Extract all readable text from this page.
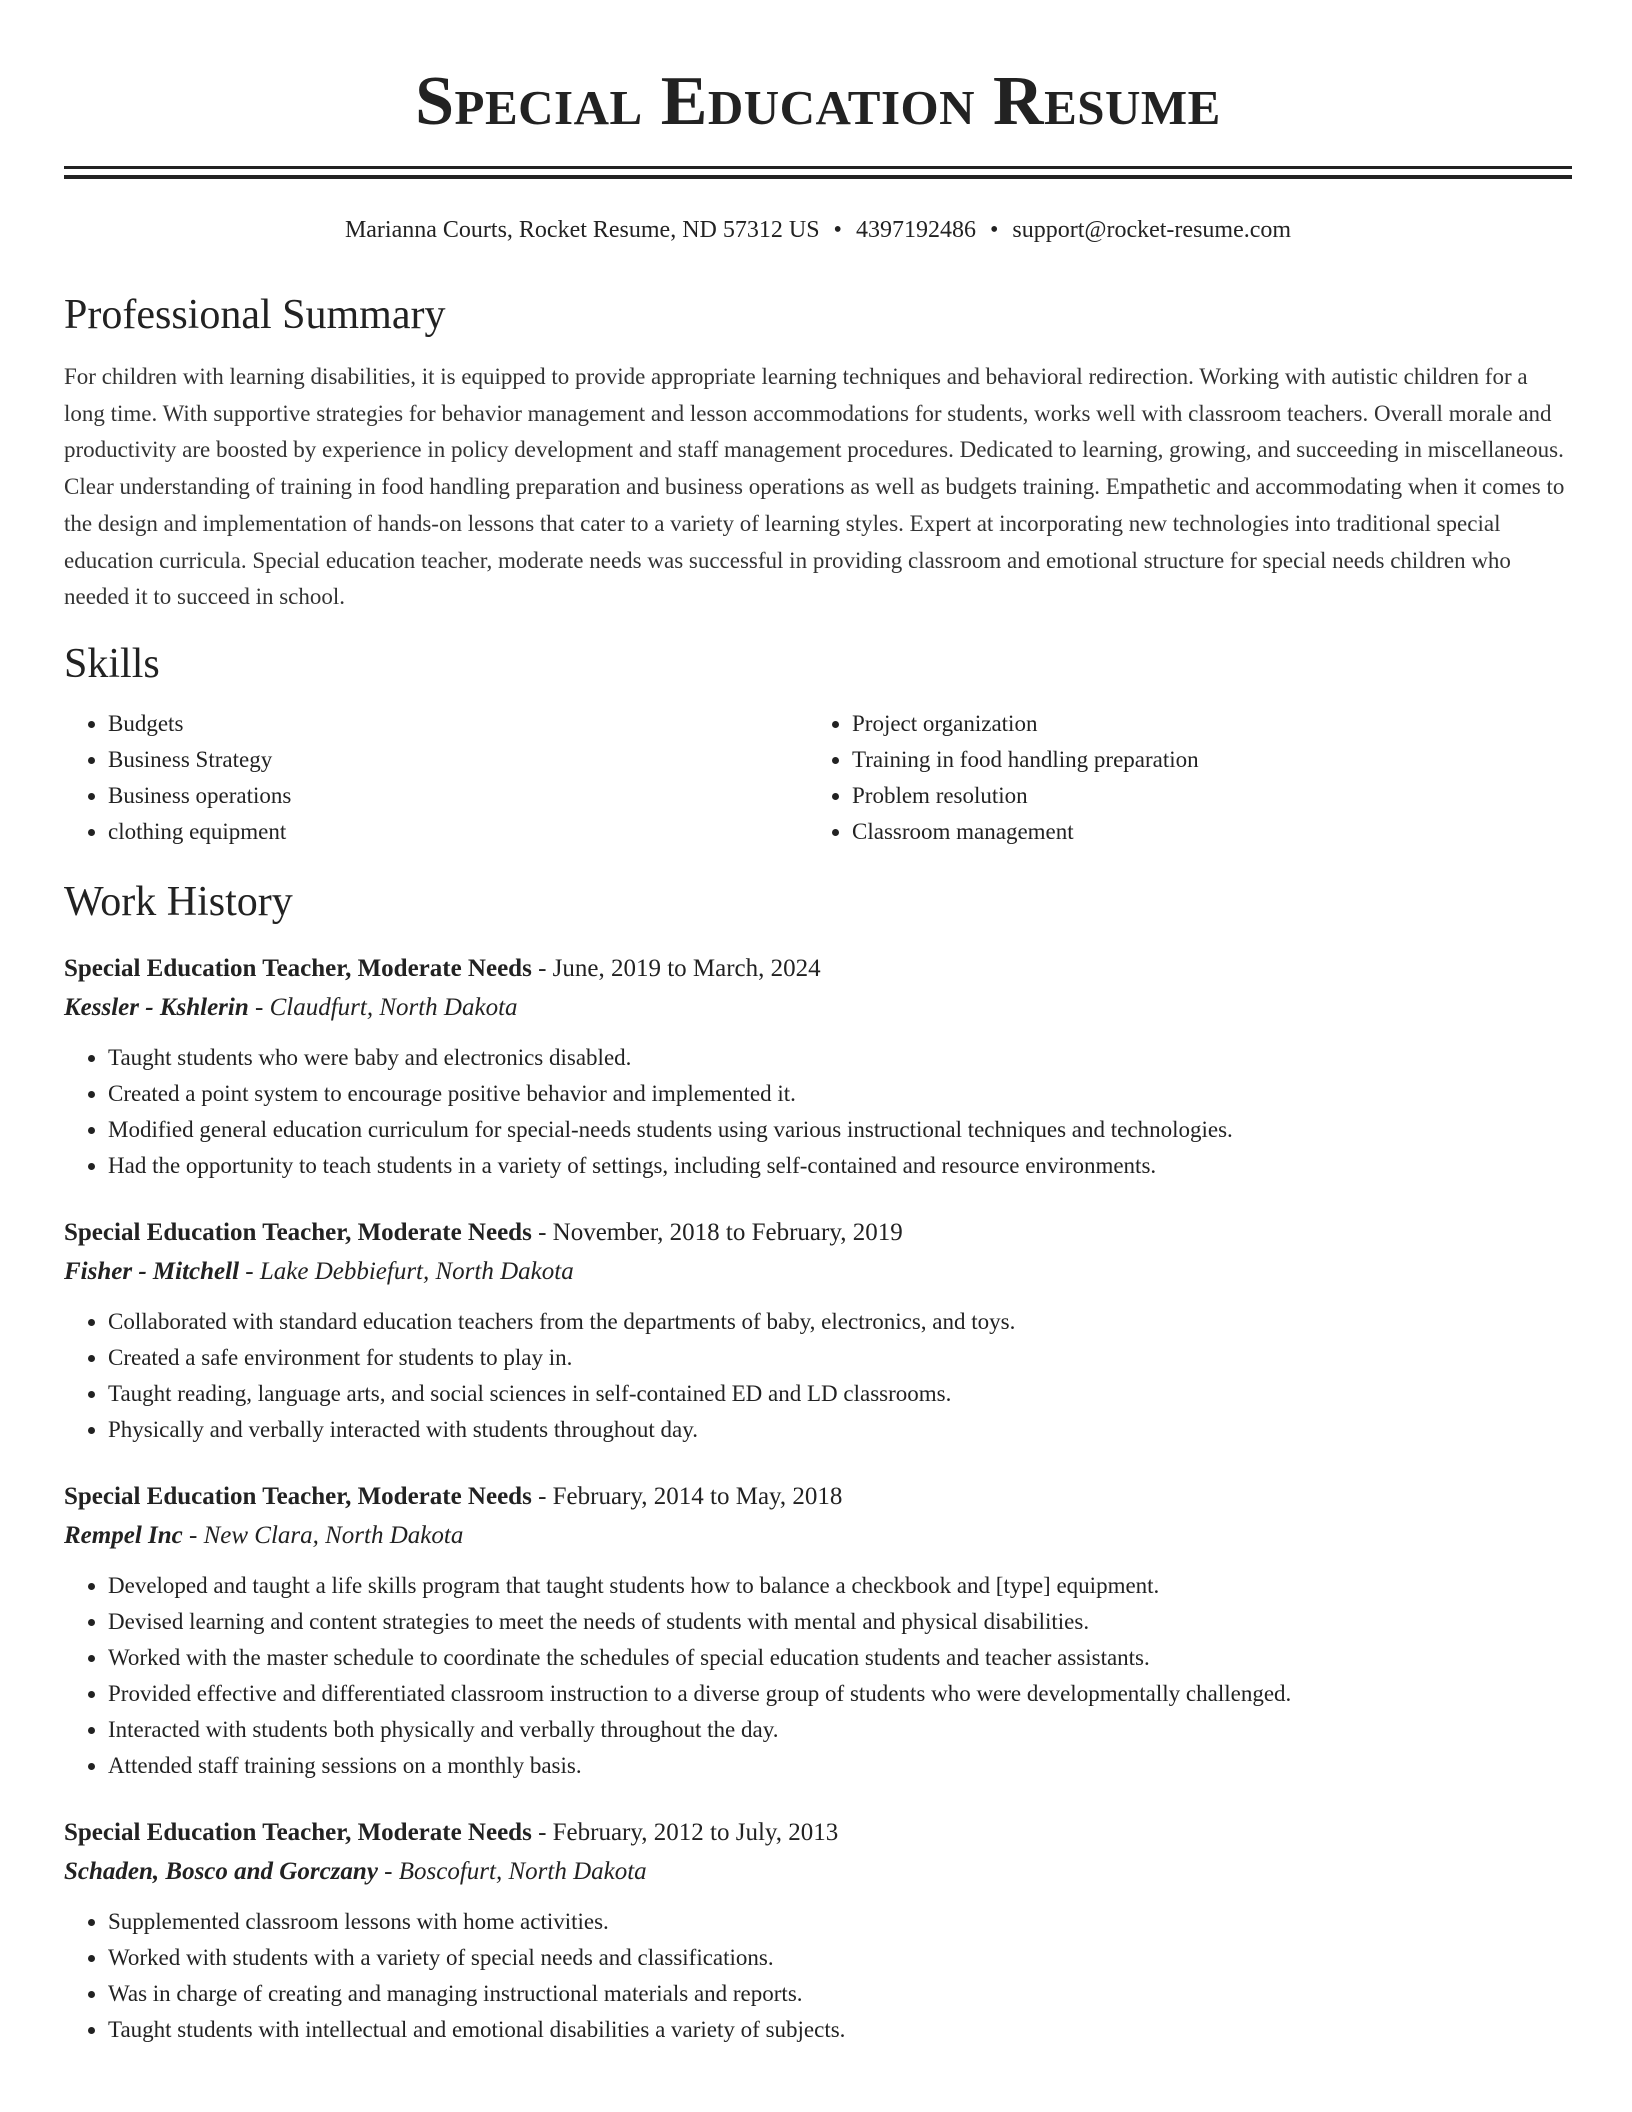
Special Education Resume
Marianna Courts, Rocket Resume, ND 57312 US • 4397192486 • support@rocket-resume.com
Professional Summary

For children with learning disabilities, it is equipped to provide appropriate learning techniques and behavioral redirection. Working with autistic children for a long time. With supportive strategies for behavior management and lesson accommodations for students, works well with classroom teachers. Overall morale and productivity are boosted by experience in policy development and staff management procedures. Dedicated to learning, growing, and succeeding in miscellaneous. Clear understanding of training in food handling preparation and business operations as well as budgets training. Empathetic and accommodating when it comes to the design and implementation of hands-on lessons that cater to a variety of learning styles. Expert at incorporating new technologies into traditional special education curricula. Special education teacher, moderate needs was successful in providing classroom and emotional structure for special needs children who needed it to succeed in school.

Skills
• Budgets
• Business Strategy
• Business operations
• clothing equipment
• Project organization
• Training in food handling preparation
• Problem resolution
• Classroom management
Work History
Special Education Teacher, Moderate Needs - June, 2019 to March, 2024
Kessler - Kshlerin - Claudfurt, North Dakota
• Taught students who were baby and electronics disabled.
• Created a point system to encourage positive behavior and implemented it.
• Modified general education curriculum for special-needs students using various instructional techniques and technologies.
• Had the opportunity to teach students in a variety of settings, including self-contained and resource environments.
Special Education Teacher, Moderate Needs - November, 2018 to February, 2019
Fisher - Mitchell - Lake Debbiefurt, North Dakota
• Collaborated with standard education teachers from the departments of baby, electronics, and toys.
• Created a safe environment for students to play in.
• Taught reading, language arts, and social sciences in self-contained ED and LD classrooms.
• Physically and verbally interacted with students throughout day.
Special Education Teacher, Moderate Needs - February, 2014 to May, 2018
Rempel Inc - New Clara, North Dakota
• Developed and taught a life skills program that taught students how to balance a checkbook and [type] equipment.
• Devised learning and content strategies to meet the needs of students with mental and physical disabilities.
• Worked with the master schedule to coordinate the schedules of special education students and teacher assistants.
• Provided effective and differentiated classroom instruction to a diverse group of students who were developmentally challenged.
• Interacted with students both physically and verbally throughout the day.
• Attended staff training sessions on a monthly basis.
Special Education Teacher, Moderate Needs - February, 2012 to July, 2013
Schaden, Bosco and Gorczany - Boscofurt, North Dakota
• Supplemented classroom lessons with home activities.
• Worked with students with a variety of special needs and classifications.
• Was in charge of creating and managing instructional materials and reports.
• Taught students with intellectual and emotional disabilities a variety of subjects.
